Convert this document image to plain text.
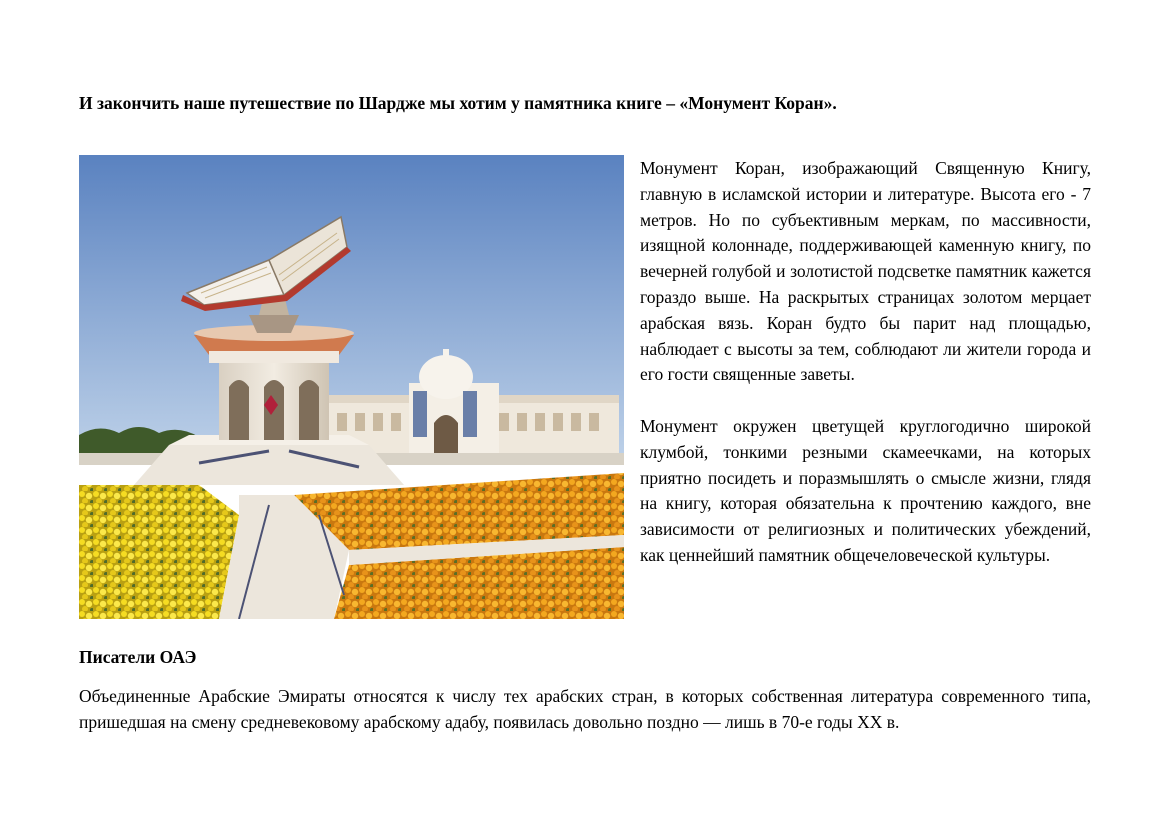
И закончить наше путешествие по Шардже мы хотим у памятника книге – «Монумент Коран».

Монумент Коран, изображающий Священную Книгу, главную в исламской истории и литературе. Высота его - 7 метров. Но по субъективным меркам, по массивности, изящной колоннаде, поддерживающей каменную книгу, по вечерней голубой и золотистой подсветке памятник кажется гораздо выше. На раскрытых страницах золотом мерцает арабская вязь. Коран будто бы парит над площадью, наблюдает с высоты за тем, соблюдают ли жители города и его гости священные заветы.

Монумент окружен цветущей круглогодично широкой клумбой, тонкими резными скамеечками, на которых приятно посидеть и поразмышлять о смысле жизни, глядя на книгу, которая обязательна к прочтению каждого, вне зависимости от религиозных и политических убеждений, как ценнейший памятник общечеловеческой культуры.

Писатели ОАЭ

Объединенные Арабские Эмираты относятся к числу тех арабских стран, в которых собственная литература современного типа, пришедшая на смену средневековому арабскому адабу, появилась довольно поздно — лишь в 70-е годы XX в.
